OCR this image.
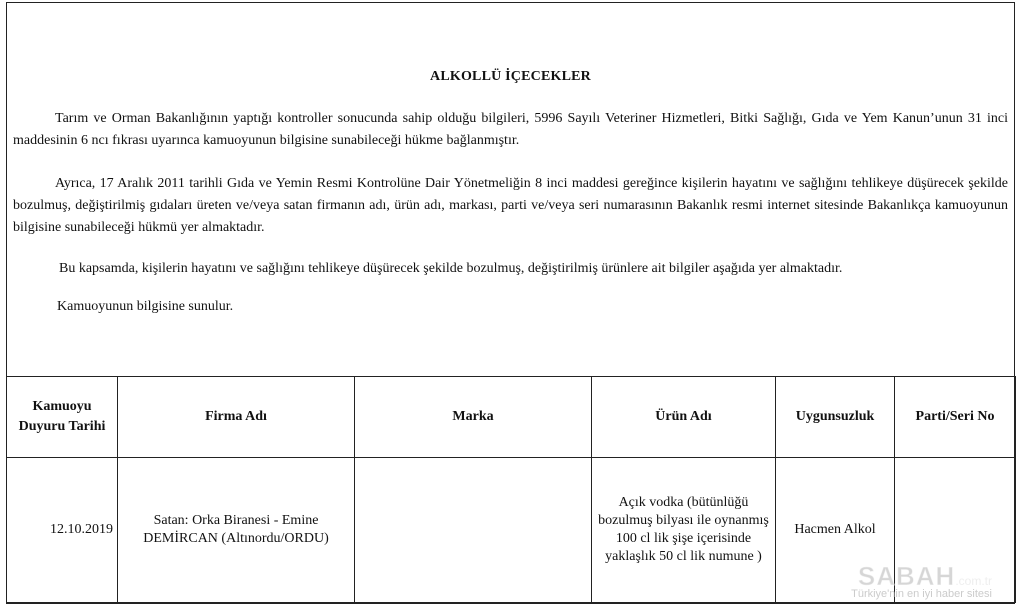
ALKOLLÜ İÇECEKLER
Tarım ve Orman Bakanlığının yaptığı kontroller sonucunda sahip olduğu bilgileri, 5996 Sayılı Veteriner Hizmetleri, Bitki Sağlığı, Gıda ve Yem Kanun’unun 31 inci maddesinin 6 ncı fıkrası uyarınca kamuoyunun bilgisine sunabileceği hükme bağlanmıştır.
Ayrıca, 17 Aralık 2011 tarihli Gıda ve Yemin Resmi Kontrolüne Dair Yönetmeliğin 8 inci maddesi gereğince kişilerin hayatını ve sağlığını tehlikeye düşürecek şekilde bozulmuş, değiştirilmiş gıdaları üreten ve/veya satan firmanın adı, ürün adı, markası, parti ve/veya seri numarasının Bakanlık resmi internet sitesinde Bakanlıkça kamuoyunun bilgisine sunabileceği hükmü yer almaktadır.
Bu kapsamda, kişilerin hayatını ve sağlığını tehlikeye düşürecek şekilde bozulmuş, değiştirilmiş ürünlere ait bilgiler aşağıda yer almaktadır.
Kamuoyunun bilgisine sunulur.
Kamuoyu Duyuru Tarihi	Firma Adı	Marka	Ürün Adı	Uygunsuzluk	Parti/Seri No
12.10.2019	Satan: Orka Biranesi - Emine DEMİRCAN (Altınordu/ORDU)		Açık vodka (bütünlüğü bozulmuş bilyası ile oynanmış 100 cl lik şişe içerisinde yaklaşlık 50 cl lik numune )	Hacmen Alkol	
SABAH.com.tr
Türkiye'nin en iyi haber sitesi
